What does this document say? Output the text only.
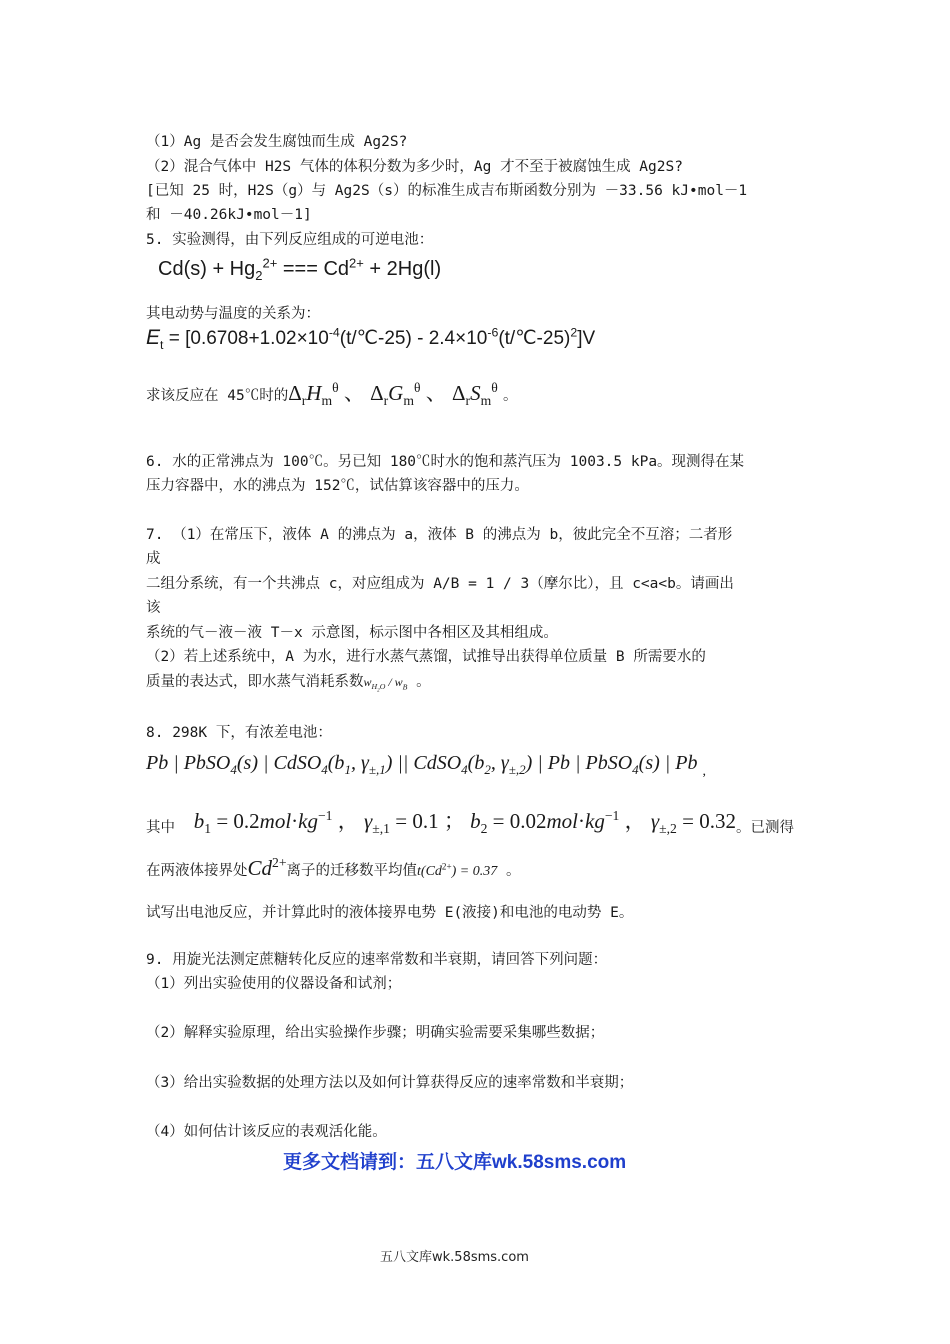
（1）Ag 是否会发生腐蚀而生成 Ag2S?
（2）混合气体中 H2S 气体的体积分数为多少时，Ag 才不至于被腐蚀生成 Ag2S?
[已知 25 时，H2S（g）与 Ag2S（s）的标准生成吉布斯函数分别为 －33.56 kJ•mol－1
和 －40.26kJ•mol－1]
5. 实验测得，由下列反应组成的可逆电池：
$Cd(s) + Hg_2^{2+}$ === $Cd^{2+} + 2Hg(l)$
其电动势与温度的关系为：
$E_t$ = [$0.6708+1.02\times 10^{-4}(t/℃-25)$ - $2.4\times 10^{-6}(t/℃-25)^2]V$
求该反应在 45℃时的$\Delta_rH_m^\theta$ 、 $\Delta_rG_m^\theta$ 、 $\Delta_rS_m^\theta$ 。
6. 水的正常沸点为 100℃。另已知 180℃时水的饱和蒸汽压为 1003.5 kPa。现测得在某
压力容器中，水的沸点为 152℃，试估算该容器中的压力。
7. （1）在常压下，液体 A 的沸点为 a，液体 B 的沸点为 b，彼此完全不互溶；二者形
成
二组分系统，有一个共沸点 c，对应组成为 A/B = 1 / 3（摩尔比），且 c<a<b。请画出
该
系统的气－液－液 T－x 示意图，标示图中各相区及其相组成。
（2）若上述系统中，A 为水，进行水蒸气蒸馏，试推导出获得单位质量 B 所需要水的
质量的表达式，即水蒸气消耗系数$w_{H_2O} / w_B$ 。
8. 298K 下，有浓差电池：
Pb | PbSO$_4$(s) | $CdSO_4(b_1$, $\gamma_{\pm,1}$) || $CdSO_4(b_2$, $\gamma_{\pm,2}$) | Pb | PbSO$_4$(s) | Pb $_,$
其中 $b_1 = 0.2mol\cdot kg^{-1}$ ， $\gamma_{\pm,1} = 0.1$ ； $b_2 = 0.02mol\cdot kg^{-1}$ ， $\gamma_{\pm,2} = 0.32$。已测得
在两液体接界处$Cd^{2+}$离子的迁移数平均值$t(Cd^{2+}) = 0.37$ 。
试写出电池反应，并计算此时的液体接界电势 E(液接)和电池的电动势 E。
9. 用旋光法测定蔗糖转化反应的速率常数和半衰期，请回答下列问题：
（1）列出实验使用的仪器设备和试剂；
（2）解释实验原理，给出实验操作步骤；明确实验需要采集哪些数据；
（3）给出实验数据的处理方法以及如何计算获得反应的速率常数和半衰期；
（4）如何估计该反应的表观活化能。
更多文档请到：五八文库wk.58sms.com
五八文库wk.58sms.com
